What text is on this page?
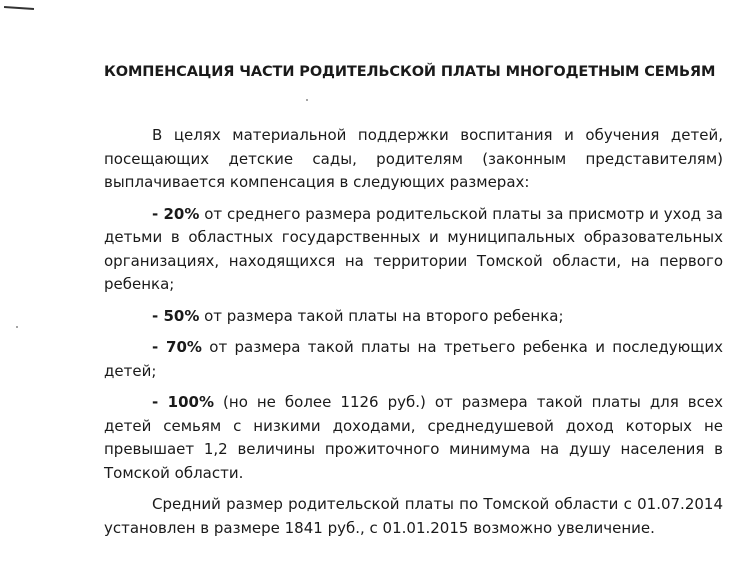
КОМПЕНСАЦИЯ ЧАСТИ РОДИТЕЛЬСКОЙ ПЛАТЫ МНОГОДЕТНЫМ СЕМЬЯМ

В целях материальной поддержки воспитания и обучения детей, посещающих детские сады, родителям (законным представителям) выплачивается компенсация в следующих размерах:

- 20% от среднего размера родительской платы за присмотр и уход за детьми в областных государственных и муниципальных образовательных организациях, находящихся на территории Томской области, на первого ребенка;

- 50% от размера такой платы на второго ребенка;

- 70% от размера такой платы на третьего ребенка и последующих детей;

- 100% (но не более 1126 руб.) от размера такой платы для всех детей семьям с низкими доходами, среднедушевой доход которых не превышает 1,2 величины прожиточного минимума на душу населения в Томской области.

Средний размер родительской платы по Томской области с 01.07.2014 установлен в размере 1841 руб., с 01.01.2015 возможно увеличение.
